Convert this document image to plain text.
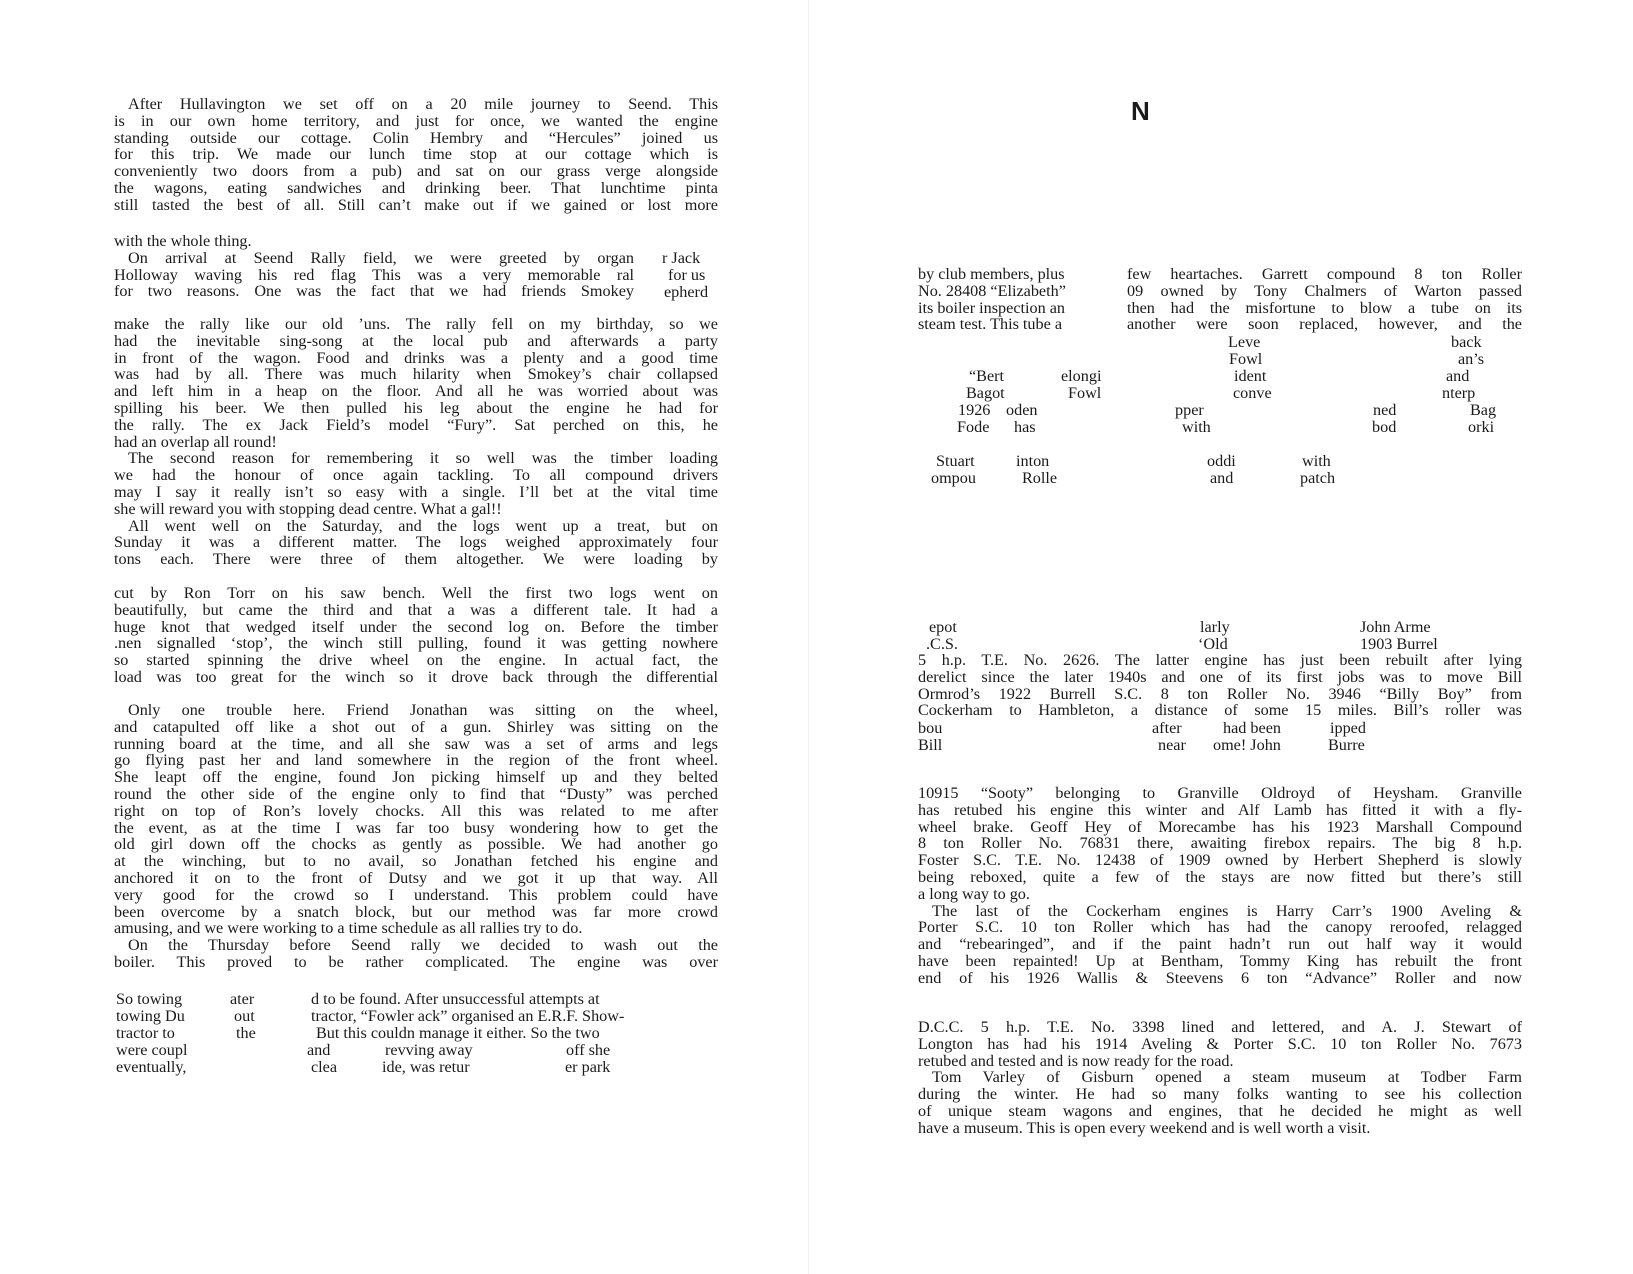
After Hullavington we set off on a 20 mile journey to Seend. This
is in our own home territory, and just for once, we wanted the engine
standing outside our cottage. Colin Hembry and “Hercules” joined us
for this trip. We made our lunch time stop at our cottage which is
conveniently two doors from a pub) and sat on our grass verge alongside
the wagons, eating sandwiches and drinking beer. That lunchtime pinta
still tasted the best of all. Still can’t make out if we gained or lost more
with the whole thing.
On arrival at Seend Rally field, we were greeted by organ
Holloway waving his red flag This was a very memorable ral
for two reasons. One was the fact that we had friends Smokey
r Jack
for us
epherd
make the rally like our old ’uns. The rally fell on my birthday, so we
had the inevitable sing-song at the local pub and afterwards a party
in front of the wagon. Food and drinks was a plenty and a good time
was had by all. There was much hilarity when Smokey’s chair collapsed
and left him in a heap on the floor. And all he was worried about was
spilling his beer. We then pulled his leg about the engine he had for
the rally. The ex Jack Field’s model “Fury”. Sat perched on this, he
had an overlap all round!
The second reason for remembering it so well was the timber loading
we had the honour of once again tackling. To all compound drivers
may I say it really isn’t so easy with a single. I’ll bet at the vital time
she will reward you with stopping dead centre. What a gal!!
All went well on the Saturday, and the logs went up a treat, but on
Sunday it was a different matter. The logs weighed approximately four
tons each. There were three of them altogether. We were loading by
cut by Ron Torr on his saw bench. Well the first two logs went on
beautifully, but came the third and that a was a different tale. It had a
huge knot that wedged itself under the second log on. Before the timber
.nen signalled ‘stop’, the winch still pulling, found it was getting nowhere
so started spinning the drive wheel on the engine. In actual fact, the
load was too great for the winch so it drove back through the differential
Only one trouble here. Friend Jonathan was sitting on the wheel,
and catapulted off like a shot out of a gun. Shirley was sitting on the
running board at the time, and all she saw was a set of arms and legs
go flying past her and land somewhere in the region of the front wheel.
She leapt off the engine, found Jon picking himself up and they belted
round the other side of the engine only to find that “Dusty” was perched
right on top of Ron’s lovely chocks. All this was related to me after
the event, as at the time I was far too busy wondering how to get the
old girl down off the chocks as gently as possible. We had another go
at the winching, but to no avail, so Jonathan fetched his engine and
anchored it on to the front of Dutsy and we got it up that way. All
very good for the crowd so I understand. This problem could have
been overcome by a snatch block, but our method was far more crowd
amusing, and we were working to a time schedule as all rallies try to do.
On the Thursday before Seend rally we decided to wash out the
boiler. This proved to be rather complicated. The engine was over
So towing	ater	d to be found. After unsuccessful attempts at
towing Du	out	tractor, “Fowler ack” organised an E.R.F. Show-
tractor to	the	But this couldn manage it either. So the two
were coupl	and	revving away	off she
eventually,	clea	ide, was retur	er park
N
by club members, plus
No. 28408 “Elizabeth”
its boiler inspection an
steam test. This tube a
few heartaches. Garrett compound 8 ton Roller
09 owned by Tony Chalmers of Warton passed
then had the misfortune to blow a tube on its
another were soon replaced, however, and the
Leve	back
Fowl	an’s
“Bert	elongi	ident	and
Bagot	Fowl	conve	nterp
1926 oden	pper	ned	Bag
Fode has	with	bod	orki
Stuart	inton	oddi	with
ompou	Rolle	and	patch
epot	larly	John Arme
.C.S.	‘Old	1903 Burrel
5 h.p. T.E. No. 2626. The latter engine has just been rebuilt after lying
derelict since the later 1940s and one of its first jobs was to move Bill
Ormrod’s 1922 Burrell S.C. 8 ton Roller No. 3946 “Billy Boy” from
Cockerham to Hambleton, a distance of some 15 miles. Bill’s roller was
bou	after	had been	ipped
Bill	near ome! John	Burre
10915 “Sooty” belonging to Granville Oldroyd of Heysham. Granville
has retubed his engine this winter and Alf Lamb has fitted it with a fly-
wheel brake. Geoff Hey of Morecambe has his 1923 Marshall Compound
8 ton Roller No. 76831 there, awaiting firebox repairs. The big 8 h.p.
Foster S.C. T.E. No. 12438 of 1909 owned by Herbert Shepherd is slowly
being reboxed, quite a few of the stays are now fitted but there’s still
a long way to go.
The last of the Cockerham engines is Harry Carr’s 1900 Aveling &
Porter S.C. 10 ton Roller which has had the canopy reroofed, relagged
and “rebearinged”, and if the paint hadn’t run out half way it would
have been repainted! Up at Bentham, Tommy King has rebuilt the front
end of his 1926 Wallis & Steevens 6 ton “Advance” Roller and now
D.C.C. 5 h.p. T.E. No. 3398 lined and lettered, and A. J. Stewart of
Longton has had his 1914 Aveling & Porter S.C. 10 ton Roller No. 7673
retubed and tested and is now ready for the road.
Tom Varley of Gisburn opened a steam museum at Todber Farm
during the winter. He had so many folks wanting to see his collection
of unique steam wagons and engines, that he decided he might as well
have a museum. This is open every weekend and is well worth a visit.
